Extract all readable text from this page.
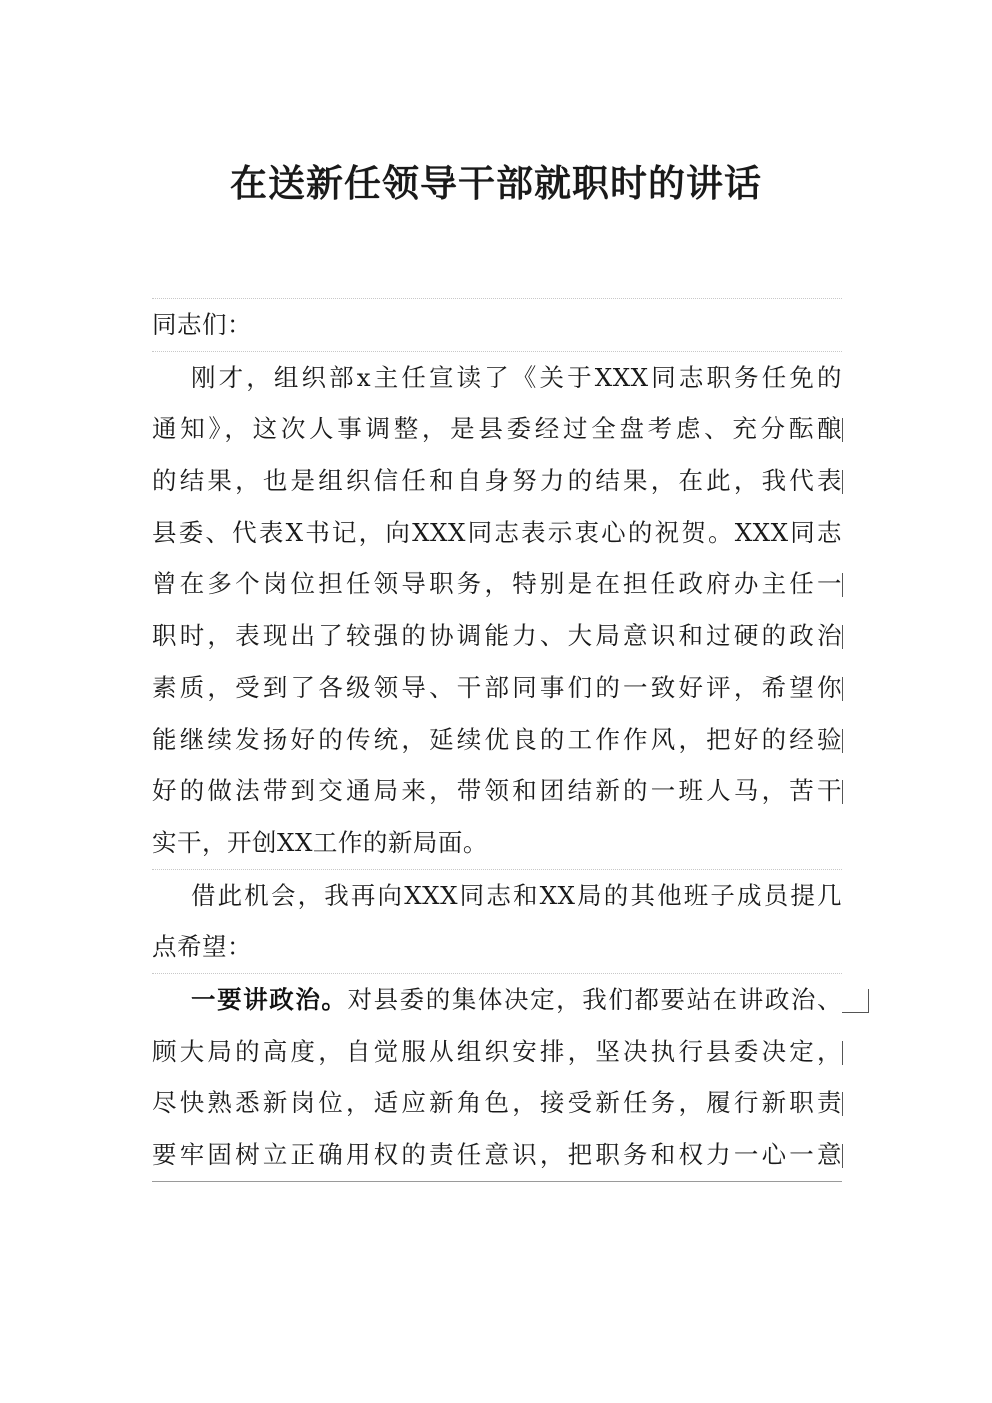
在送新任领导干部就职时的讲话
同志们：
刚才，组织部x主任宣读了《关于XXX同志职务任免的
通知》，这次人事调整，是县委经过全盘考虑、充分酝酿
的结果，也是组织信任和自身努力的结果，在此，我代表
县委、代表X书记，向XXX同志表示衷心的祝贺。XXX同志
曾在多个岗位担任领导职务，特别是在担任政府办主任一
职时，表现出了较强的协调能力、大局意识和过硬的政治
素质，受到了各级领导、干部同事们的一致好评，希望你
能继续发扬好的传统，延续优良的工作作风，把好的经验
好的做法带到交通局来，带领和团结新的一班人马，苦干
实干，开创XX工作的新局面。
借此机会，我再向XXX同志和XX局的其他班子成员提几
点希望：
一要讲政治。对县委的集体决定，我们都要站在讲政治、
顾大局的高度，自觉服从组织安排，坚决执行县委决定，
尽快熟悉新岗位，适应新角色，接受新任务，履行新职责
要牢固树立正确用权的责任意识，把职务和权力一心一意
